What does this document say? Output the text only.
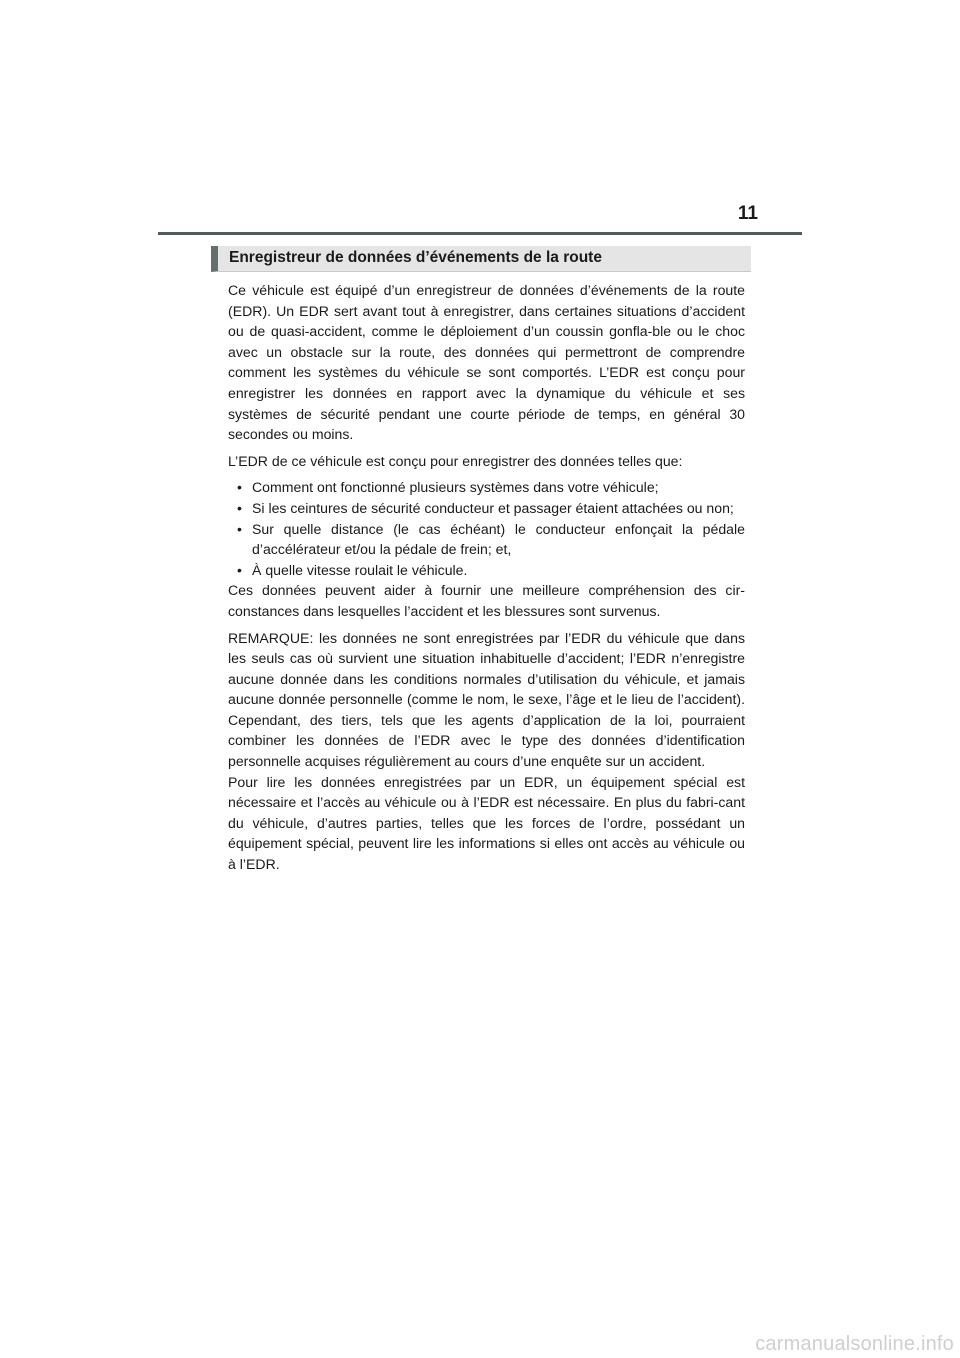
11
Enregistreur de données d’événements de la route

Ce véhicule est équipé d’un enregistreur de données d’événements de la route (EDR). Un EDR sert avant tout à enregistrer, dans certaines situations d’accident ou de quasi-accident, comme le déploiement d’un coussin gonfla-ble ou le choc avec un obstacle sur la route, des données qui permettront de comprendre comment les systèmes du véhicule se sont comportés. L’EDR est conçu pour enregistrer les données en rapport avec la dynamique du véhicule et ses systèmes de sécurité pendant une courte période de temps, en général 30 secondes ou moins.

L’EDR de ce véhicule est conçu pour enregistrer des données telles que:

• Comment ont fonctionné plusieurs systèmes dans votre véhicule;
• Si les ceintures de sécurité conducteur et passager étaient attachées ou non;
• Sur quelle distance (le cas échéant) le conducteur enfonçait la pédale d’accélérateur et/ou la pédale de frein; et,
• À quelle vitesse roulait le véhicule.

Ces données peuvent aider à fournir une meilleure compréhension des cir-constances dans lesquelles l’accident et les blessures sont survenus.

REMARQUE: les données ne sont enregistrées par l’EDR du véhicule que dans les seuls cas où survient une situation inhabituelle d’accident; l’EDR n’enregistre aucune donnée dans les conditions normales d’utilisation du véhicule, et jamais aucune donnée personnelle (comme le nom, le sexe, l’âge et le lieu de l’accident). Cependant, des tiers, tels que les agents d’application de la loi, pourraient combiner les données de l’EDR avec le type des données d’identification personnelle acquises régulièrement au cours d’une enquête sur un accident.

Pour lire les données enregistrées par un EDR, un équipement spécial est nécessaire et l’accès au véhicule ou à l’EDR est nécessaire. En plus du fabri-cant du véhicule, d’autres parties, telles que les forces de l’ordre, possédant un équipement spécial, peuvent lire les informations si elles ont accès au véhicule ou à l’EDR.

carmanualsonline.info
